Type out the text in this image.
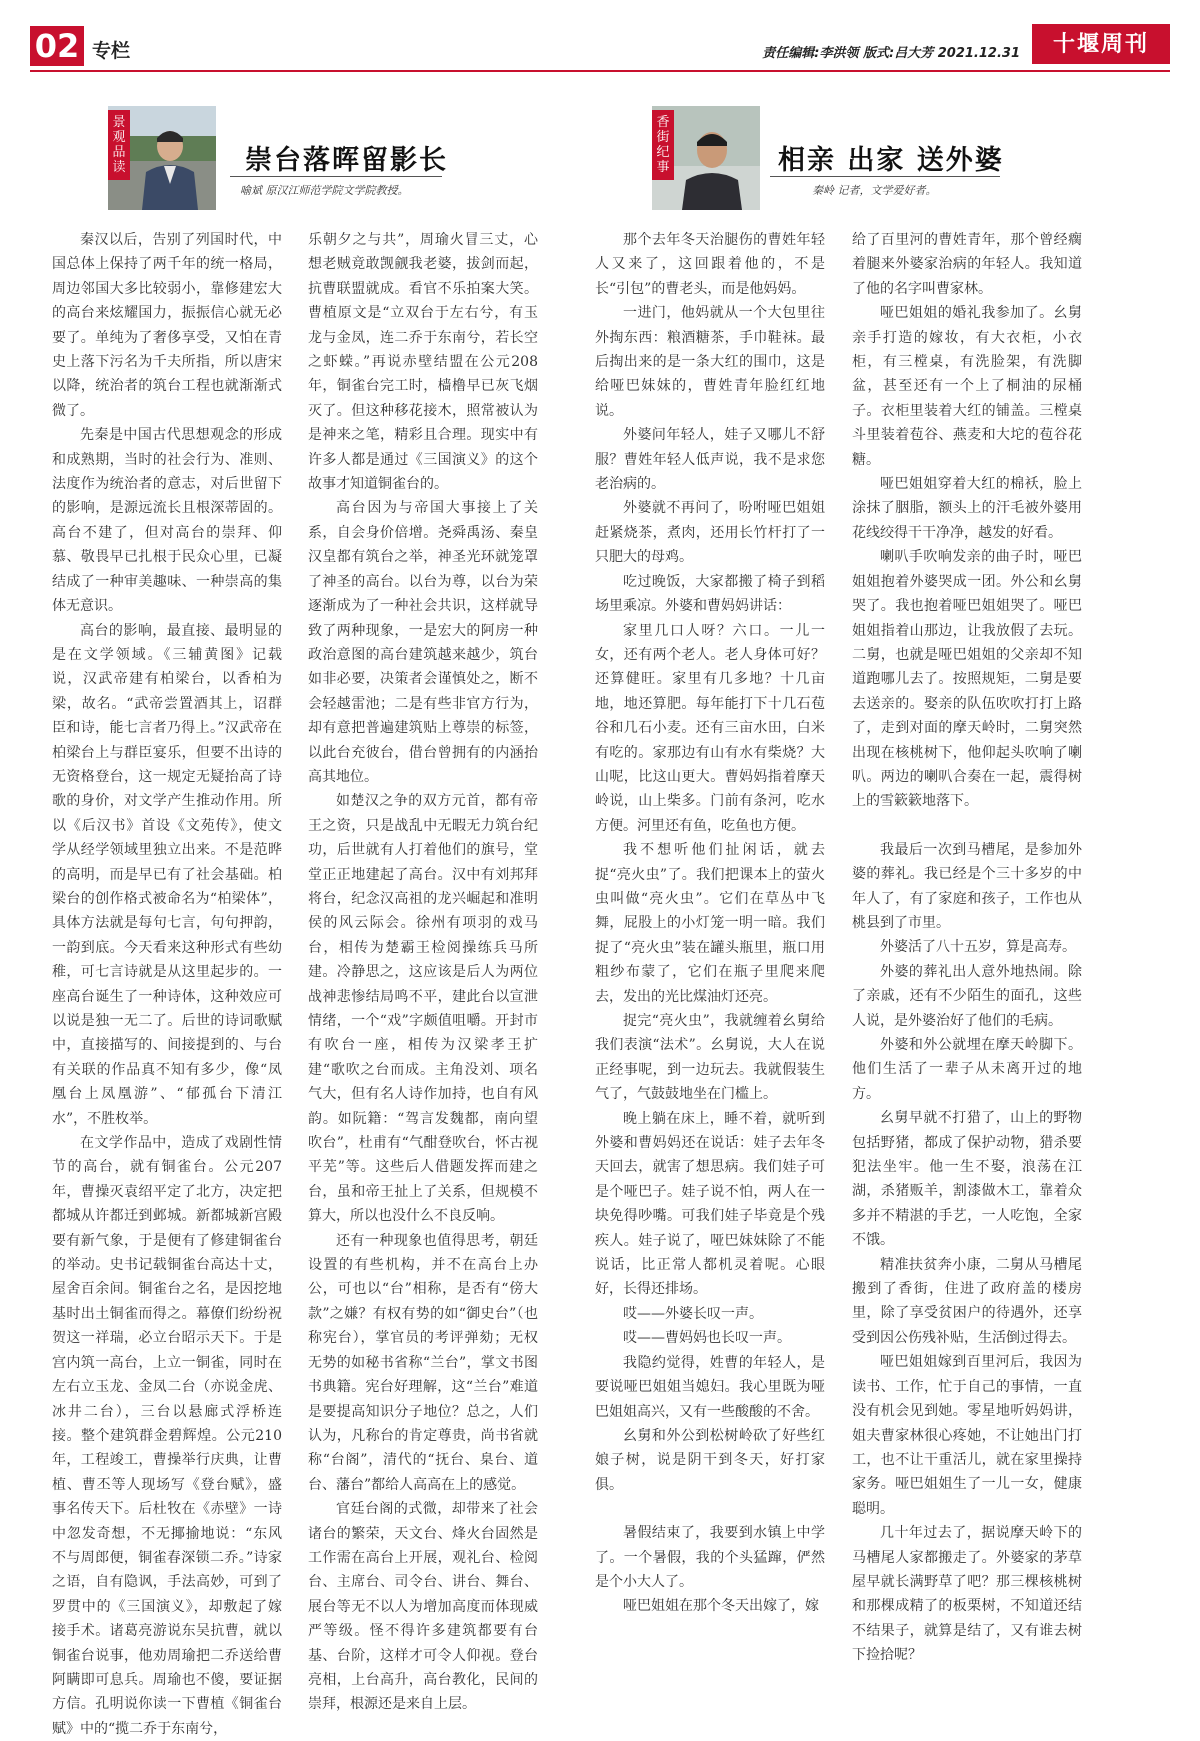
02 专栏	责任编辑:李洪领 版式:吕大芳 2021.12.31	十堰周刊
景
观
品
读	崇台落晖留影长
喻斌 原汉江师范学院文学院教授。
香
街
纪
事	相亲 出家 送外婆
秦岭 记者，文学爱好者。

秦汉以后，告别了列国时代，中国总体上保持了两千年的统一格局，周边邻国大多比较弱小，靠修建宏大的高台来炫耀国力，振振信心就无必要了。单纯为了奢侈享受，又怕在青史上落下污名为千夫所指，所以唐宋以降，统治者的筑台工程也就渐渐式微了。

先秦是中国古代思想观念的形成和成熟期，当时的社会行为、准则、法度作为统治者的意志，对后世留下的影响，是源远流长且根深蒂固的。高台不建了，但对高台的崇拜、仰慕、敬畏早已扎根于民众心里，已凝结成了一种审美趣味、一种崇高的集体无意识。

高台的影响，最直接、最明显的是在文学领域。《三辅黄图》记载说，汉武帝建有柏梁台，以香柏为梁，故名。“武帝尝置酒其上，诏群臣和诗，能七言者乃得上。”汉武帝在柏梁台上与群臣宴乐，但要不出诗的无资格登台，这一规定无疑抬高了诗歌的身价，对文学产生推动作用。所以《后汉书》首设《文苑传》，使文学从经学领域里独立出来。不是范晔的高明，而是早已有了社会基础。柏梁台的创作格式被命名为“柏梁体”，具体方法就是每句七言，句句押韵，一韵到底。今天看来这种形式有些幼稚，可七言诗就是从这里起步的。一座高台诞生了一种诗体，这种效应可以说是独一无二了。后世的诗词歌赋中，直接描写的、间接提到的、与台有关联的作品真不知有多少，像“凤凰台上凤凰游”、“郁孤台下清江水”，不胜枚举。

在文学作品中，造成了戏剧性情节的高台，就有铜雀台。公元207年，曹操灭袁绍平定了北方，决定把都城从许都迁到邺城。新都城新宫殿要有新气象，于是便有了修建铜雀台的举动。史书记载铜雀台高达十丈，屋舍百余间。铜雀台之名，是因挖地基时出土铜雀而得之。幕僚们纷纷祝贺这一祥瑞，必立台昭示天下。于是宫内筑一高台，上立一铜雀，同时在左右立玉龙、金凤二台（亦说金虎、冰井二台），三台以悬廊式浮桥连接。整个建筑群金碧辉煌。公元210年，工程竣工，曹操举行庆典，让曹植、曹丕等人现场写《登台赋》，盛事名传天下。后杜牧在《赤壁》一诗中忽发奇想，不无揶揄地说：“东风不与周郎便，铜雀春深锁二乔。”诗家之语，自有隐讽，手法高妙，可到了罗贯中的《三国演义》，却敷起了嫁接手术。诸葛亮游说东吴抗曹，就以铜雀台说事，他劝周瑜把二乔送给曹阿瞒即可息兵。周瑜也不傻，要证据方信。孔明说你读一下曹植《铜雀台赋》中的“揽二乔于东南兮，

乐朝夕之与共”，周瑜火冒三丈，心想老贼竟敢觊觎我老婆，拔剑而起，抗曹联盟就成。看官不乐拍案大笑。曹植原文是“立双台于左右兮，有玉龙与金凤，连二乔于东南兮，若长空之虾蝾。”再说赤壁结盟在公元208年，铜雀台完工时，樯橹早已灰飞烟灭了。但这种移花接木，照常被认为是神来之笔，精彩且合理。现实中有许多人都是通过《三国演义》的这个故事才知道铜雀台的。

高台因为与帝国大事接上了关系，自会身价倍增。尧舜禹汤、秦皇汉皇都有筑台之举，神圣光环就笼罩了神圣的高台。以台为尊，以台为荣逐渐成为了一种社会共识，这样就导致了两种现象，一是宏大的阿房一种政治意图的高台建筑越来越少，筑台如非必要，决策者会谨慎处之，断不会轻越雷池；二是有些非官方行为，却有意把普遍建筑贴上尊崇的标签，以此台充彼台，借台曾拥有的内涵抬高其地位。

如楚汉之争的双方元首，都有帝王之资，只是战乱中无暇无力筑台纪功，后世就有人打着他们的旗号，堂堂正正地建起了高台。汉中有刘邦拜将台，纪念汉高祖的龙兴崛起和准明侯的风云际会。徐州有项羽的戏马台，相传为楚霸王检阅操练兵马所建。冷静思之，这应该是后人为两位战神悲惨结局鸣不平，建此台以宣泄情绪，一个“戏”字颇值咀嚼。开封市有吹台一座，相传为汉梁孝王扩建“歌吹之台而成。主角没刘、项名气大，但有名人诗作加持，也自有风韵。如阮籍：“驾言发魏都，南向望吹台”，杜甫有“气酣登吹台，怀古视平芜”等。这些后人借题发挥而建之台，虽和帝王扯上了关系，但规模不算大，所以也没什么不良反响。

还有一种现象也值得思考，朝廷设置的有些机构，并不在高台上办公，可也以“台”相称，是否有“傍大款”之嫌？有权有势的如“御史台”（也称宪台），掌官员的考评弹劾；无权无势的如秘书省称“兰台”，掌文书图书典籍。宪台好理解，这“兰台”难道是要提高知识分子地位？总之，人们认为，凡称台的肯定尊贵，尚书省就称“台阁”，清代的“抚台、臬台、道台、藩台”都给人高高在上的感觉。

官廷台阁的式微，却带来了社会诸台的繁荣，天文台、烽火台固然是工作需在高台上开展，观礼台、检阅台、主席台、司令台、讲台、舞台、展台等无不以人为增加高度而体现威严等级。怪不得许多建筑都要有台基、台阶，这样才可令人仰视。登台亮相，上台高升，高台教化，民间的崇拜，根源还是来自上层。

那个去年冬天治腿伤的曹姓年轻人又来了，这回跟着他的，不是长“引包”的曹老头，而是他妈妈。

一进门，他妈就从一个大包里往外掏东西：粮酒糖茶，手巾鞋袜。最后掏出来的是一条大红的围巾，这是给哑巴妹妹的，曹姓青年脸红红地说。

外婆问年轻人，娃子又哪儿不舒服？曹姓年轻人低声说，我不是求您老治病的。

外婆就不再问了，吩咐哑巴姐姐赶紧烧茶，煮肉，还用长竹杆打了一只肥大的母鸡。

吃过晚饭，大家都搬了椅子到稻场里乘凉。外婆和曹妈妈讲话：

家里几口人呀？六口。一儿一女，还有两个老人。老人身体可好？还算健旺。家里有几多地？十几亩地，地还算肥。每年能打下十几石苞谷和几石小麦。还有三亩水田，白米有吃的。家那边有山有水有柴烧？大山呢，比这山更大。曹妈妈指着摩天岭说，山上柴多。门前有条河，吃水方便。河里还有鱼，吃鱼也方便。

我不想听他们扯闲话，就去捉“亮火虫”了。我们把课本上的萤火虫叫做“亮火虫”。它们在草丛中飞舞，屁股上的小灯笼一明一暗。我们捉了“亮火虫”装在罐头瓶里，瓶口用粗纱布蒙了，它们在瓶子里爬来爬去，发出的光比煤油灯还亮。

捉完“亮火虫”，我就缠着幺舅给我们表演“法术”。幺舅说，大人在说正经事呢，到一边玩去。我就假装生气了，气鼓鼓地坐在门槛上。

晚上躺在床上，睡不着，就听到外婆和曹妈妈还在说话：娃子去年冬天回去，就害了想思病。我们娃子可是个哑巴子。娃子说不怕，两人在一块免得吵嘴。可我们娃子毕竟是个残疾人。娃子说了，哑巴妹妹除了不能说话，比正常人都机灵着呢。心眼好，长得还排场。

哎——外婆长叹一声。

哎——曹妈妈也长叹一声。

我隐约觉得，姓曹的年轻人，是要说哑巴姐姐当媳妇。我心里既为哑巴姐姐高兴，又有一些酸酸的不舍。

幺舅和外公到松树岭砍了好些红娘子树，说是阴干到冬天，好打家俱。

暑假结束了，我要到水镇上中学了。一个暑假，我的个头猛蹿，俨然是个小大人了。

哑巴姐姐在那个冬天出嫁了，嫁

给了百里河的曹姓青年，那个曾经瘸着腿来外婆家治病的年轻人。我知道了他的名字叫曹家林。

哑巴姐姐的婚礼我参加了。幺舅亲手打造的嫁妆，有大衣柜，小衣柜，有三樘桌，有洗脸架，有洗脚盆，甚至还有一个上了桐油的尿桶子。衣柜里装着大红的铺盖。三樘桌斗里装着苞谷、燕麦和大坨的苞谷花糖。

哑巴姐姐穿着大红的棉袄，脸上涂抹了胭脂，额头上的汗毛被外婆用花线绞得干干净净，越发的好看。

喇叭手吹响发亲的曲子时，哑巴姐姐抱着外婆哭成一团。外公和幺舅哭了。我也抱着哑巴姐姐哭了。哑巴姐姐指着山那边，让我放假了去玩。二舅，也就是哑巴姐姐的父亲却不知道跑哪儿去了。按照规矩，二舅是要去送亲的。娶亲的队伍吹吹打打上路了，走到对面的摩天岭时，二舅突然出现在核桃树下，他仰起头吹响了喇叭。两边的喇叭合奏在一起，震得树上的雪簌簌地落下。

我最后一次到马槽尾，是参加外婆的葬礼。我已经是个三十多岁的中年人了，有了家庭和孩子，工作也从桃县到了市里。

外婆活了八十五岁，算是高寿。

外婆的葬礼出人意外地热闹。除了亲戚，还有不少陌生的面孔，这些人说，是外婆治好了他们的毛病。

外婆和外公就埋在摩天岭脚下。他们生活了一辈子从未离开过的地方。

幺舅早就不打猎了，山上的野物包括野猪，都成了保护动物，猎杀要犯法坐牢。他一生不娶，浪荡在江湖，杀猪贩羊，割漆做木工，靠着众多并不精湛的手艺，一人吃饱，全家不饿。

精准扶贫奔小康，二舅从马槽尾搬到了香街，住进了政府盖的楼房里，除了享受贫困户的待遇外，还享受到因公伤残补贴，生活倒过得去。

哑巴姐姐嫁到百里河后，我因为读书、工作，忙于自己的事情，一直没有机会见到她。零星地听妈妈讲，姐夫曹家林很心疼她，不让她出门打工，也不让干重活儿，就在家里操持家务。哑巴姐姐生了一儿一女，健康聪明。

几十年过去了，据说摩天岭下的马槽尾人家都搬走了。外婆家的茅草屋早就长满野草了吧？那三棵核桃树和那棵成精了的板栗树，不知道还结不结果子，就算是结了，又有谁去树下捡拾呢？
